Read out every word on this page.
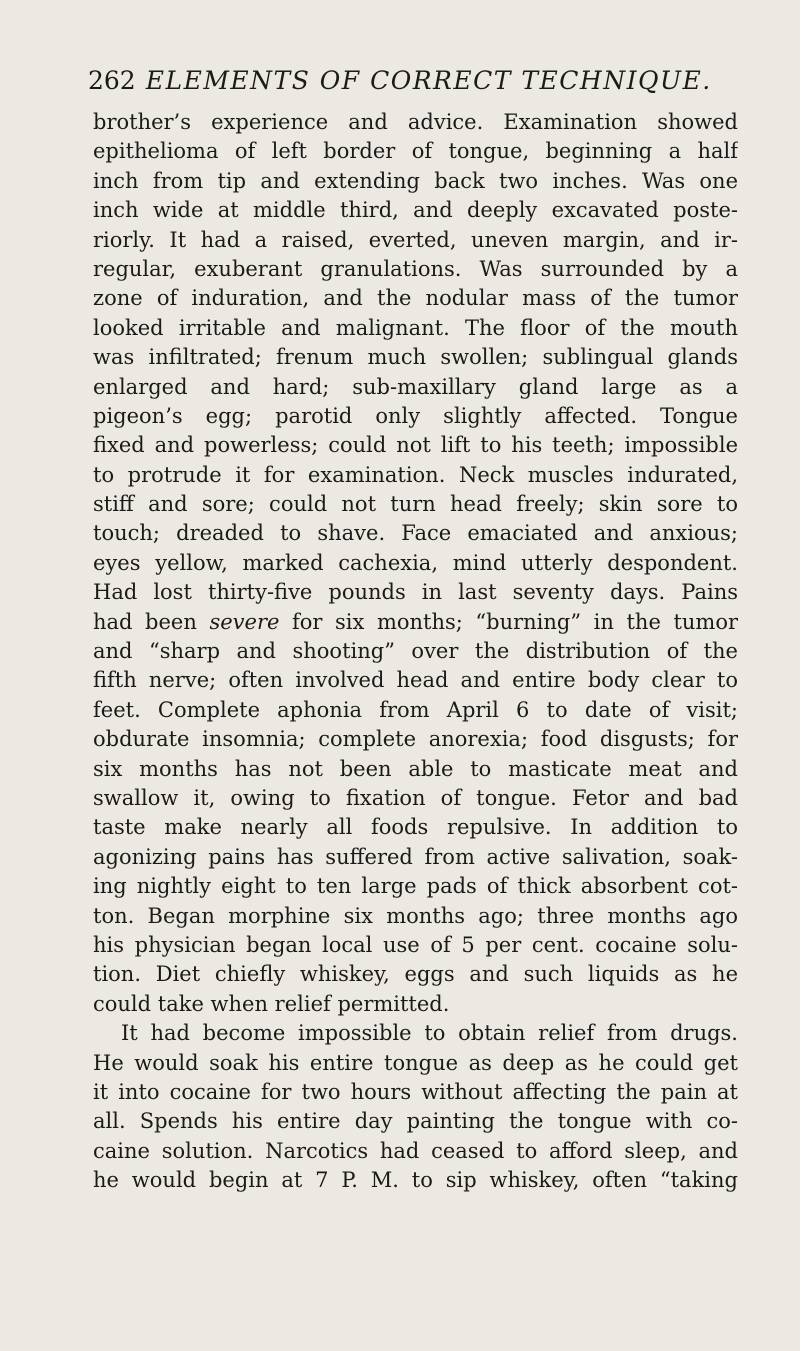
262 ELEMENTS OF CORRECT TECHNIQUE.
brother’s experience and advice. Examination showed
epithelioma of left border of tongue, beginning a half
inch from tip and extending back two inches. Was one
inch wide at middle third, and deeply excavated poste-
riorly. It had a raised, everted, uneven margin, and ir-
regular, exuberant granulations. Was surrounded by a
zone of induration, and the nodular mass of the tumor
looked irritable and malignant. The floor of the mouth
was infiltrated; frenum much swollen; sublingual glands
enlarged and hard; sub-maxillary gland large as a
pigeon’s egg; parotid only slightly affected. Tongue
fixed and powerless; could not lift to his teeth; impossible
to protrude it for examination. Neck muscles indurated,
stiff and sore; could not turn head freely; skin sore to
touch; dreaded to shave. Face emaciated and anxious;
eyes yellow, marked cachexia, mind utterly despondent.
Had lost thirty-five pounds in last seventy days. Pains
had been severe for six months; “burning” in the tumor
and “sharp and shooting” over the distribution of the
fifth nerve; often involved head and entire body clear to
feet. Complete aphonia from April 6 to date of visit;
obdurate insomnia; complete anorexia; food disgusts; for
six months has not been able to masticate meat and
swallow it, owing to fixation of tongue. Fetor and bad
taste make nearly all foods repulsive. In addition to
agonizing pains has suffered from active salivation, soak-
ing nightly eight to ten large pads of thick absorbent cot-
ton. Began morphine six months ago; three months ago
his physician began local use of 5 per cent. cocaine solu-
tion. Diet chiefly whiskey, eggs and such liquids as he
could take when relief permitted.
It had become impossible to obtain relief from drugs.
He would soak his entire tongue as deep as he could get
it into cocaine for two hours without affecting the pain at
all. Spends his entire day painting the tongue with co-
caine solution. Narcotics had ceased to afford sleep, and
he would begin at 7 P. M. to sip whiskey, often “taking
